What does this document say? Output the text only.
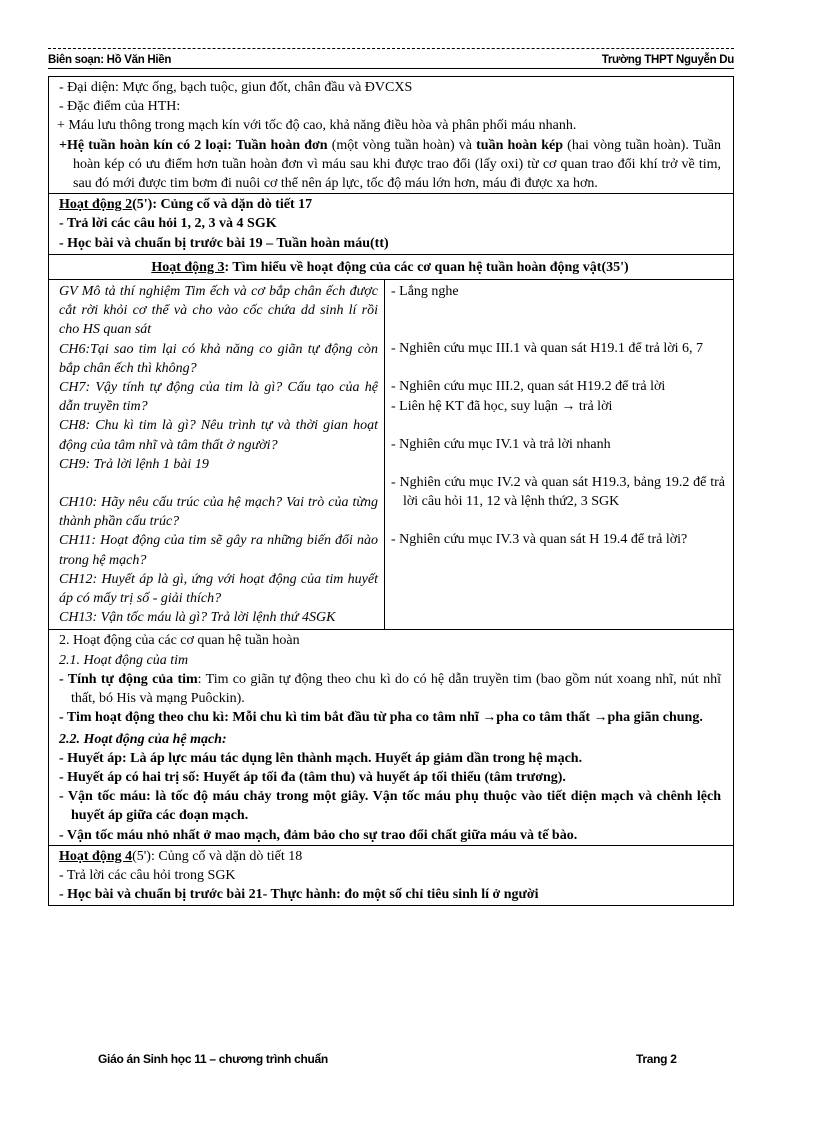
Biên soạn: Hồ Văn Hiền	Trường THPT Nguyễn Du
- Đại diện: Mực ống, bạch tuộc, giun đốt, chân đầu và ĐVCXS
- Đặc điểm của HTH:
+ Máu lưu thông trong mạch kín với tốc độ cao, khả năng điều hòa và phân phối máu nhanh.
+Hệ tuần hoàn kín có 2 loại: Tuần hoàn đơn (một vòng tuần hoàn) và tuần hoàn kép (hai vòng tuần hoàn). Tuần hoàn kép có ưu điểm hơn tuần hoàn đơn vì máu sau khi được trao đổi (lấy oxi) từ cơ quan trao đổi khí trở về tim, sau đó mới được tim bơm đi nuôi cơ thể nên áp lực, tốc độ máu lớn hơn, máu đi được xa hơn.
Hoạt động 2(5'): Củng cố và dặn dò tiết 17
- Trả lời các câu hỏi 1, 2, 3 và 4 SGK
- Học bài và chuẩn bị trước bài 19 – Tuần hoàn máu(tt)
Hoạt động 3: Tìm hiểu về hoạt động của các cơ quan hệ tuần hoàn động vật(35')
GV Mô tả thí nghiệm Tim ếch và cơ bắp chân ếch được cắt rời khỏi cơ thể và cho vào cốc chứa dd sinh lí rồi cho HS quan sát
CH6:Tại sao tim lại có khả năng co giãn tự động còn bắp chân ếch thì không?
CH7: Vậy tính tự động của tim là gì? Cấu tạo của hệ dẫn truyền tim?
CH8: Chu kì tim là gì? Nêu trình tự và thời gian hoạt động của tâm nhĩ và tâm thất ở người?
CH9: Trả lời lệnh 1 bài 19
CH10: Hãy nêu cấu trúc của hệ mạch? Vai trò của từng thành phần cấu trúc?
CH11: Hoạt động của tim sẽ gây ra những biến đổi nào trong hệ mạch?
CH12: Huyết áp là gì, ứng với hoạt động của tim huyết áp có mấy trị số - giải thích?
CH13: Vận tốc máu là gì? Trả lời lệnh thứ 4SGK
- Lắng nghe
- Nghiên cứu mục III.1 và quan sát H19.1 để trả lời 6, 7
- Nghiên cứu mục III.2, quan sát H19.2 để trả lời
- Liên hệ KT đã học, suy luận → trả lời
- Nghiên cứu mục IV.1 và trả lời nhanh
- Nghiên cứu mục IV.2 và quan sát H19.3, bảng 19.2 để trả lời câu hỏi 11, 12 và lệnh thứ2, 3 SGK
- Nghiên cứu mục IV.3 và quan sát H 19.4 để trả lời?
2. Hoạt động của các cơ quan hệ tuần hoàn
2.1. Hoạt động của tim
- Tính tự động của tim: Tim co giãn tự động theo chu kì do có hệ dẫn truyền tim (bao gồm nút xoang nhĩ, nút nhĩ thất, bó His và mạng Puôckin).
- Tim hoạt động theo chu kì: Mỗi chu kì tim bắt đầu từ pha co tâm nhĩ →pha co tâm thất →pha giãn chung.
2.2. Hoạt động của hệ mạch:
- Huyết áp: Là áp lực máu tác dụng lên thành mạch. Huyết áp giảm dần trong hệ mạch.
- Huyết áp có hai trị số: Huyết áp tối đa (tâm thu) và huyết áp tối thiểu (tâm trương).
- Vận tốc máu: là tốc độ máu chảy trong một giây. Vận tốc máu phụ thuộc vào tiết diện mạch và chênh lệch huyết áp giữa các đoạn mạch.
- Vận tốc máu nhỏ nhất ở mao mạch, đảm bảo cho sự trao đổi chất giữa máu và tế bào.
Hoạt động 4(5'): Củng cố và dặn dò tiết 18
- Trả lời các câu hỏi trong SGK
- Học bài và chuẩn bị trước bài 21- Thực hành: đo một số chỉ tiêu sinh lí ở người
Giáo án Sinh học 11 – chương trình chuẩn	Trang 2
